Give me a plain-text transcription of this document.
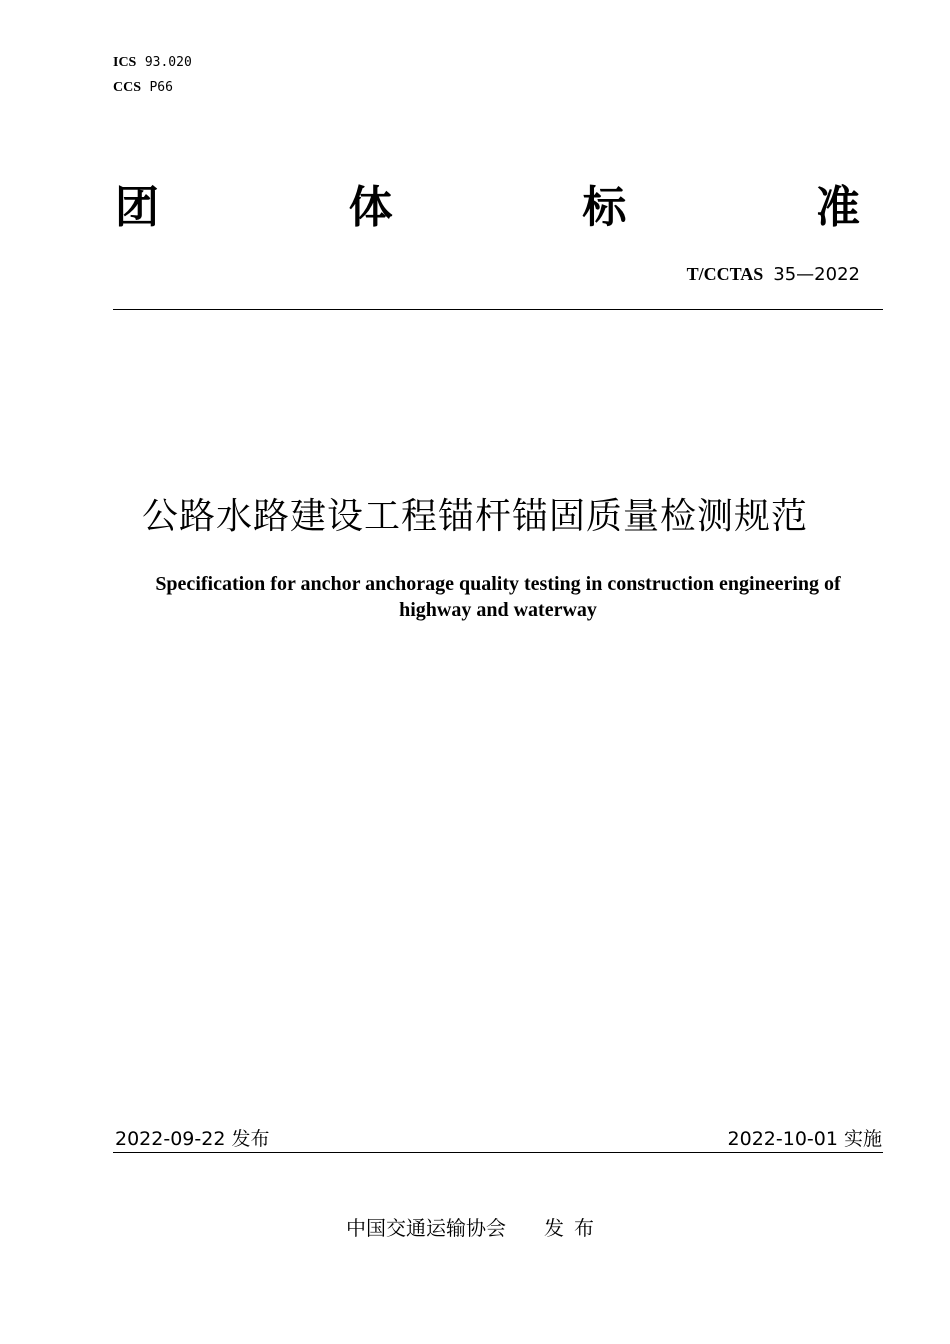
ICS 93.020
CCS P66
团	体	标	准
T/CCTAS 35—2022
公路水路建设工程锚杆锚固质量检测规范
Specification for anchor anchorage quality testing in construction engineering of
highway and waterway
2022-09-22 发布	2022-10-01 实施
中国交通运输协会 发布
